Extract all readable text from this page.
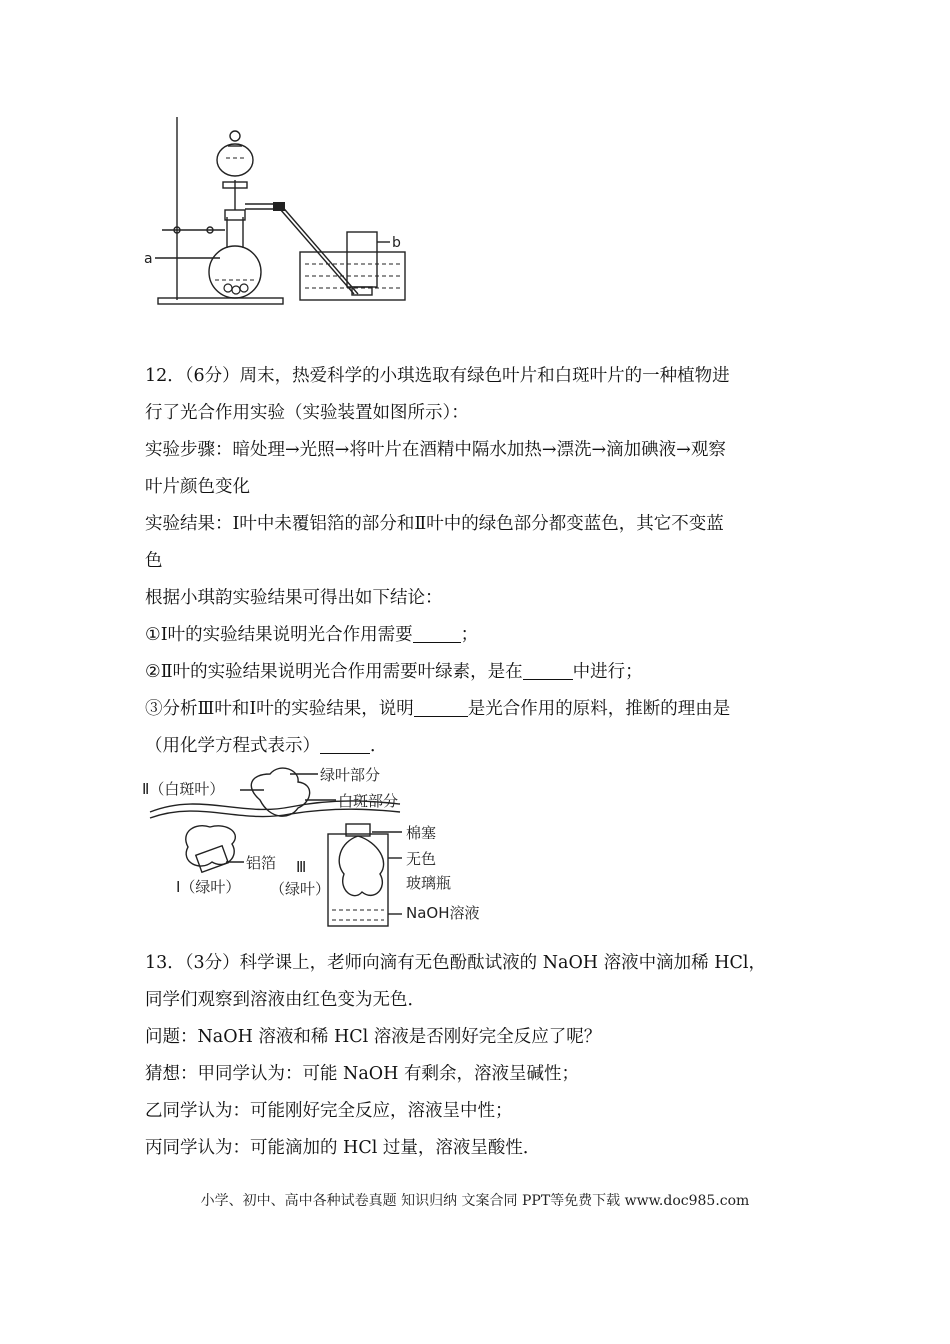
a
b

12．（6分）周末，热爱科学的小琪选取有绿色叶片和白斑叶片的一种植物进

行了光合作用实验（实验装置如图所示）：

实验步骤：暗处理→光照→将叶片在酒精中隔水加热→漂洗→滴加碘液→观察

叶片颜色变化

实验结果：Ⅰ叶中未覆铝箔的部分和Ⅱ叶中的绿色部分都变蓝色，其它不变蓝

色

根据小琪韵实验结果可得出如下结论：

①Ⅰ叶的实验结果说明光合作用需要	；

②Ⅱ叶的实验结果说明光合作用需要叶绿素，是在	中进行；

③分析Ⅲ叶和Ⅰ叶的实验结果，说明	是光合作用的原料，推断的理由是

（用化学方程式表示）	．

Ⅱ（白斑叶）
绿叶部分
白斑部分
棉塞
无色
玻璃瓶
NaOH溶液
铝箔 Ⅲ
（绿叶）
Ⅰ（绿叶）

13．（3分）科学课上，老师向滴有无色酚酞试液的 NaOH 溶液中滴加稀 HCl，

同学们观察到溶液由红色变为无色．

问题：NaOH 溶液和稀 HCl 溶液是否刚好完全反应了呢？

猜想：甲同学认为：可能 NaOH 有剩余，溶液呈碱性；

乙同学认为：可能刚好完全反应，溶液呈中性；

丙同学认为：可能滴加的 HCl 过量，溶液呈酸性．

小学、初中、高中各种试卷真题 知识归纳 文案合同 PPT等免费下载 www.doc985.com
